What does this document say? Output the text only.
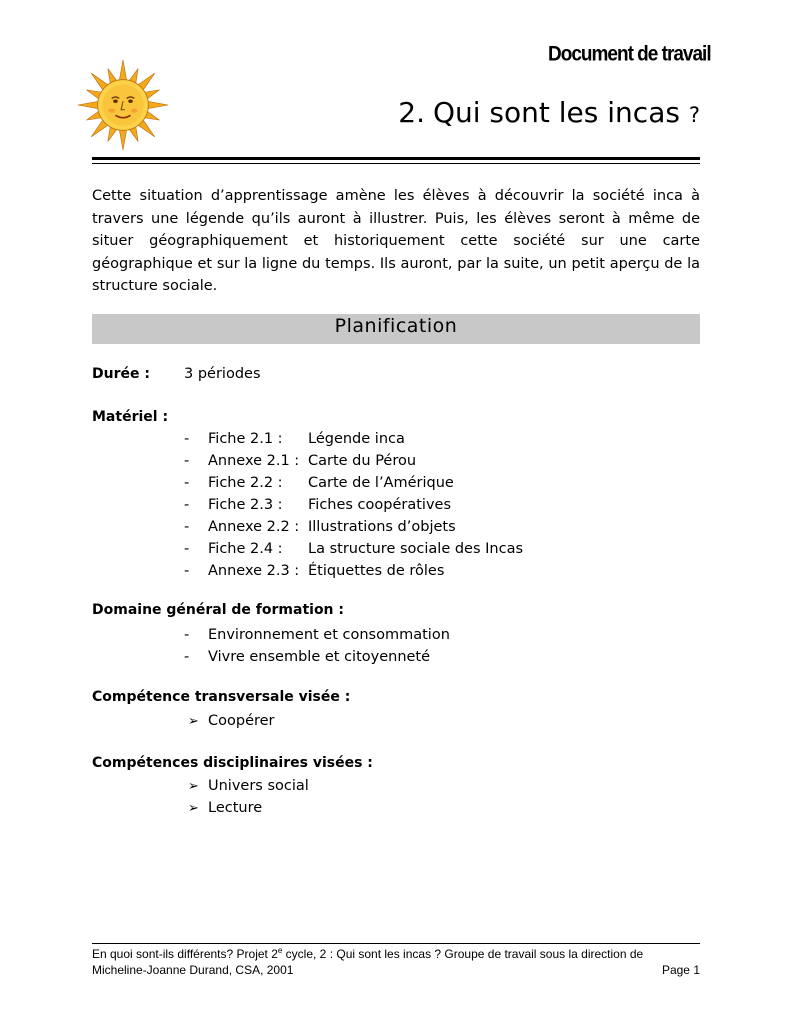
Document de travail
2. Qui sont les incas ?
Cette situation d’apprentissage amène les élèves à découvrir la société inca à travers une légende qu’ils auront à illustrer. Puis, les élèves seront à même de situer géographiquement et historiquement cette société sur une carte géographique et sur la ligne du temps. Ils auront, par la suite, un petit aperçu de la structure sociale.
Planification
Durée : 3 périodes
Matériel :
- Fiche 2.1 : Légende inca
- Annexe 2.1 : Carte du Pérou
- Fiche 2.2 : Carte de l’Amérique
- Fiche 2.3 : Fiches coopératives
- Annexe 2.2 : Illustrations d’objets
- Fiche 2.4 : La structure sociale des Incas
- Annexe 2.3 : Étiquettes de rôles
Domaine général de formation :
- Environnement et consommation
- Vivre ensemble et citoyenneté
Compétence transversale visée :
➢ Coopérer
Compétences disciplinaires visées :
➢ Univers social
➢ Lecture
En quoi sont-ils différents? Projet 2e cycle, 2 : Qui sont les incas ? Groupe de travail sous la direction de
Micheline-Joanne Durand, CSA, 2001	Page 1
